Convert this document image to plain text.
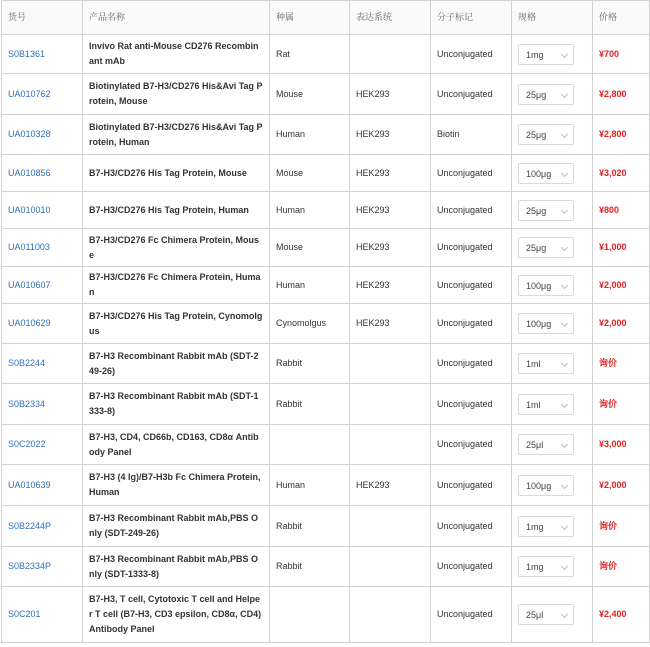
货号	产品名称	种属	表达系统	分子标记	规格	价格
S0B1361	Invivo Rat anti-Mouse CD276 Recombinant mAb	Rat		Unconjugated	1mg	¥700
UA010762	Biotinylated B7-H3/CD276 His&Avi Tag Protein, Mouse	Mouse	HEK293	Unconjugated	25μg	¥2,800
UA010328	Biotinylated B7-H3/CD276 His&Avi Tag Protein, Human	Human	HEK293	Biotin	25μg	¥2,800
UA010856	B7-H3/CD276 His Tag Protein, Mouse	Mouse	HEK293	Unconjugated	100μg	¥3,020
UA010010	B7-H3/CD276 His Tag Protein, Human	Human	HEK293	Unconjugated	25μg	¥800
UA011003	B7-H3/CD276 Fc Chimera Protein, Mouse	Mouse	HEK293	Unconjugated	25μg	¥1,000
UA010607	B7-H3/CD276 Fc Chimera Protein, Human	Human	HEK293	Unconjugated	100μg	¥2,000
UA010629	B7-H3/CD276 His Tag Protein, Cynomolgus	Cynomolgus	HEK293	Unconjugated	100μg	¥2,000
S0B2244	B7-H3 Recombinant Rabbit mAb (SDT-249-26)	Rabbit		Unconjugated	1ml	询价
S0B2334	B7-H3 Recombinant Rabbit mAb (SDT-1333-8)	Rabbit		Unconjugated	1ml	询价
S0C2022	B7-H3, CD4, CD66b, CD163, CD8α Antibody Panel			Unconjugated	25μl	¥3,000
UA010639	B7-H3 (4 Ig)/B7-H3b Fc Chimera Protein, Human	Human	HEK293	Unconjugated	100μg	¥2,000
S0B2244P	B7-H3 Recombinant Rabbit mAb,PBS Only (SDT-249-26)	Rabbit		Unconjugated	1mg	询价
S0B2334P	B7-H3 Recombinant Rabbit mAb,PBS Only (SDT-1333-8)	Rabbit		Unconjugated	1mg	询价
S0C201	B7-H3, T cell, Cytotoxic T cell and Helper T cell (B7-H3, CD3 epsilon, CD8α, CD4) Antibody Panel			Unconjugated	25μl	¥2,400
